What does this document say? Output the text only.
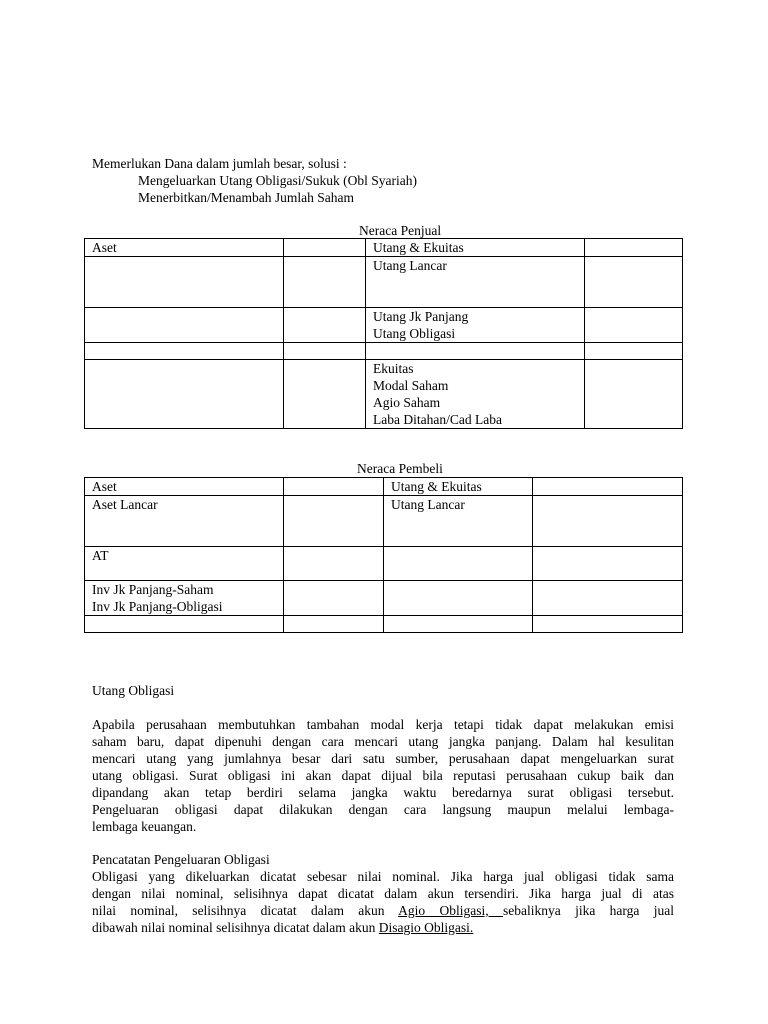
Memerlukan Dana dalam jumlah besar, solusi :
Mengeluarkan Utang Obligasi/Sukuk (Obl Syariah)
Menerbitkan/Menambah Jumlah Saham
Neraca Penjual
Aset		Utang & Ekuitas	

		Utang Lancar	

		Utang Jk Panjang
Utang Obligasi	

		Ekuitas
Modal Saham
Agio Saham
Laba Ditahan/Cad Laba	

Neraca Pembeli
Aset		Utang & Ekuitas	

Aset Lancar		Utang Lancar	

AT			

Inv Jk Panjang-Saham
Inv Jk Panjang-Obligasi			

Utang Obligasi
Apabila perusahaan membutuhkan tambahan modal kerja tetapi tidak dapat melakukan emisi
saham baru, dapat dipenuhi dengan cara mencari utang jangka panjang. Dalam hal kesulitan
mencari utang yang jumlahnya besar dari satu sumber, perusahaan dapat mengeluarkan surat
utang obligasi. Surat obligasi ini akan dapat dijual bila reputasi perusahaan cukup baik dan
dipandang akan tetap berdiri selama jangka waktu beredarnya surat obligasi tersebut.
Pengeluaran obligasi dapat dilakukan dengan cara langsung maupun melalui lembaga-
lembaga keuangan.
Pencatatan Pengeluaran Obligasi
Obligasi yang dikeluarkan dicatat sebesar nilai nominal. Jika harga jual obligasi tidak sama
dengan nilai nominal, selisihnya dapat dicatat dalam akun tersendiri. Jika harga jual di atas
nilai nominal, selisihnya dicatat dalam akun Agio Obligasi, sebaliknya jika harga jual
dibawah nilai nominal selisihnya dicatat dalam akun Disagio Obligasi.
